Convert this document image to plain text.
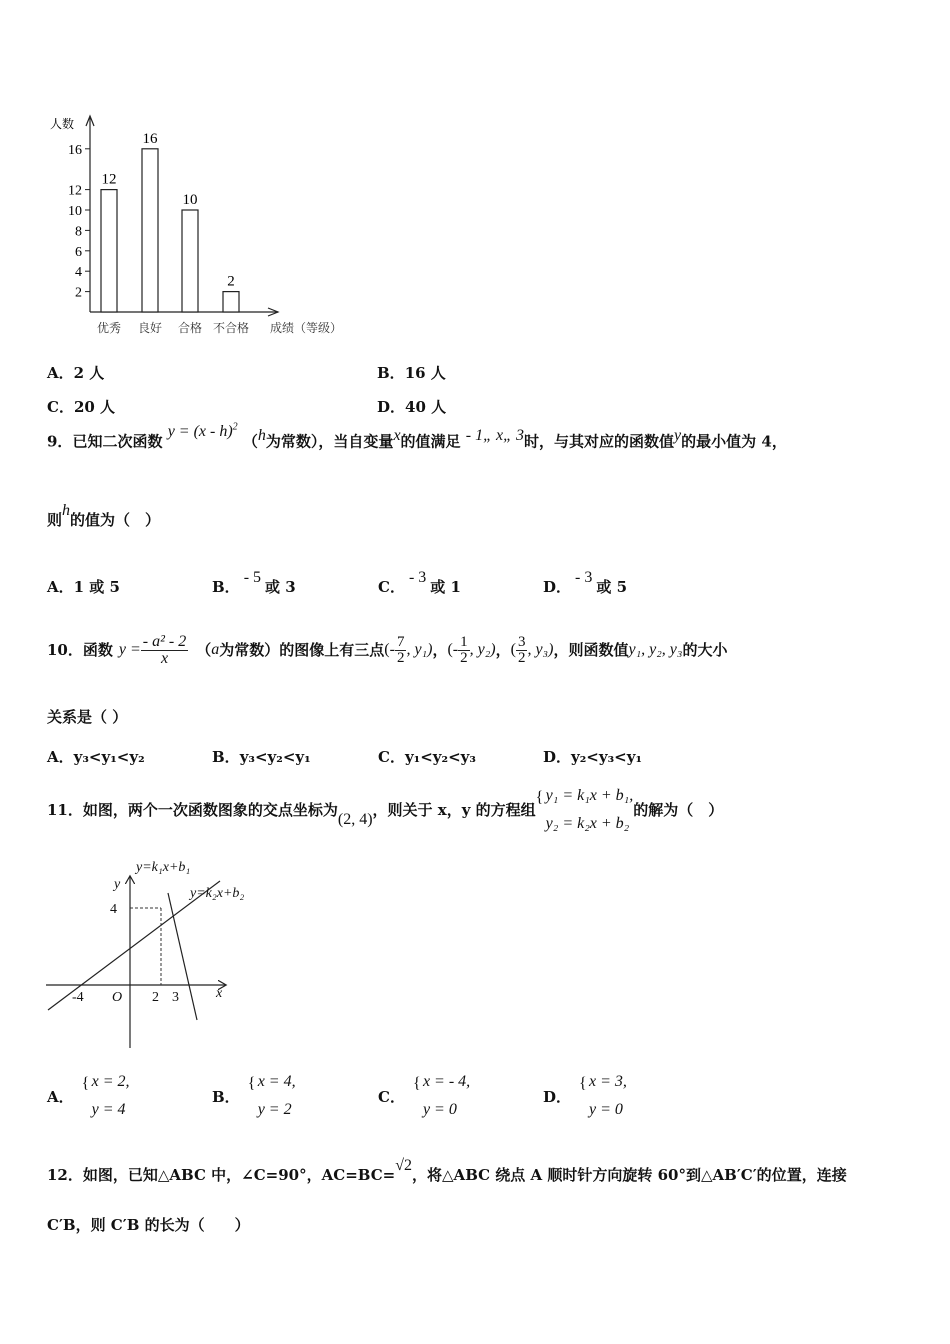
人数
成绩（等级）
2
4
6
8
10
12
16
12
优秀
16
良好
10
合格
2
不合格
A．2 人	B．16 人
C．20 人	D．40 人
9．已知二次函数 y = (x - h)$^2$ （h为常数），当自变量x的值满足 - 1„ x„ 3时，与其对应的函数值y的最小值为 4，
则h的值为（　）
A．1 或 5	B．- 5或 3	C．- 3或 1	D．- 3或 5
10． 函数 $y = \frac{\text{- a² - 2}}{x}$ （ a 为常数）的图像上有三点 (- $\frac{7}{2}$ , y₁) ， (- $\frac{1}{2}$ , y₂) ， ( $\frac{3}{2}$ , y₃) ，则函数值 y₁, y₂, y₃ 的大小
关系是（ ）
A．y₃<y₁<y₂	B．y₃<y₂<y₁	C．y₁<y₂<y₃	D．y₂<y₃<y₁
11． 如图，两个一次函数图象的交点坐标为
(2, 4)
，则关于 x，y 的方程组
{ y₁ = k₁x + b₁,
y₂ = k₂x + b₂
的解为（　）
y=k₁x+b₁
y=k₂x+b₂
y
x
O
-4	2 3
4
A．
{ x = 2,
y = 4
B．
{ x = 4,
y = 2
C．
{ x = - 4,
y = 0
D．
{ x = 3,
y = 0
12．如图，已知△ABC 中，∠C=90°，AC=BC=√2，将△ABC 绕点 A 顺时针方向旋转 60°到△AB′C′的位置，连接
C′B，则 C′B 的长为（　　）
